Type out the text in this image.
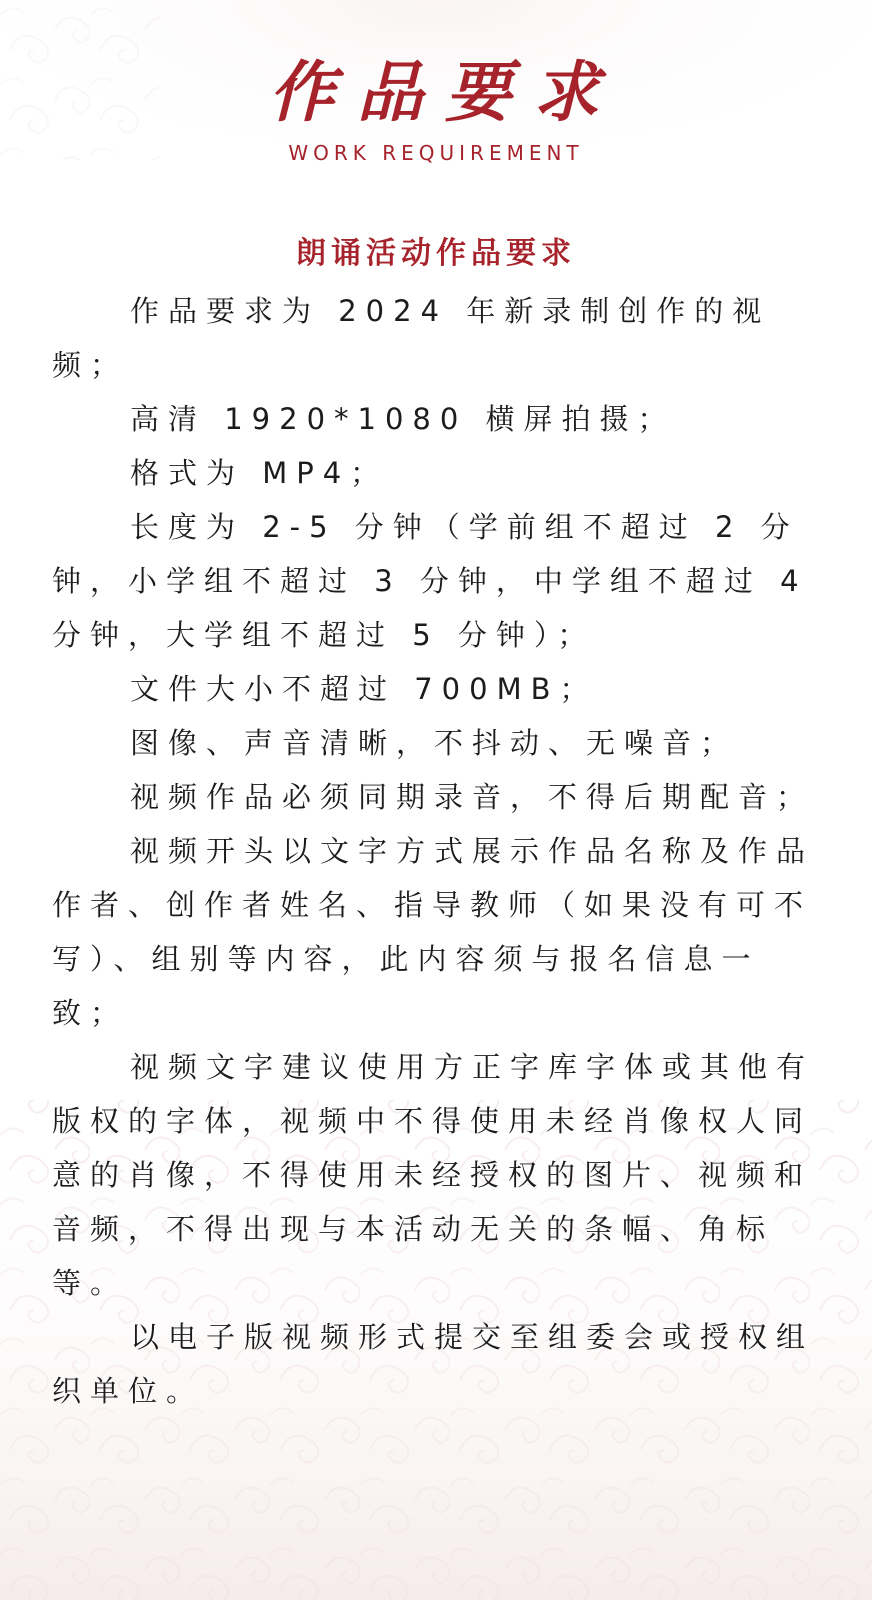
作品要求
WORK REQUIREMENT
朗诵活动作品要求

作品要求为 2024 年新录制创作的视频；

高清 1920*1080 横屏拍摄；

格式为 MP4；

长度为 2-5 分钟（学前组不超过 2 分钟，小学组不超过 3 分钟，中学组不超过 4 分钟，大学组不超过 5 分钟）；

文件大小不超过 700MB；

图像、声音清晰，不抖动、无噪音；

视频作品必须同期录音，不得后期配音；

视频开头以文字方式展示作品名称及作品作者、创作者姓名、指导教师（如果没有可不写）、组别等内容，此内容须与报名信息一致；

视频文字建议使用方正字库字体或其他有版权的字体，视频中不得使用未经肖像权人同意的肖像，不得使用未经授权的图片、视频和音频，不得出现与本活动无关的条幅、角标等。

以电子版视频形式提交至组委会或授权组织单位。
